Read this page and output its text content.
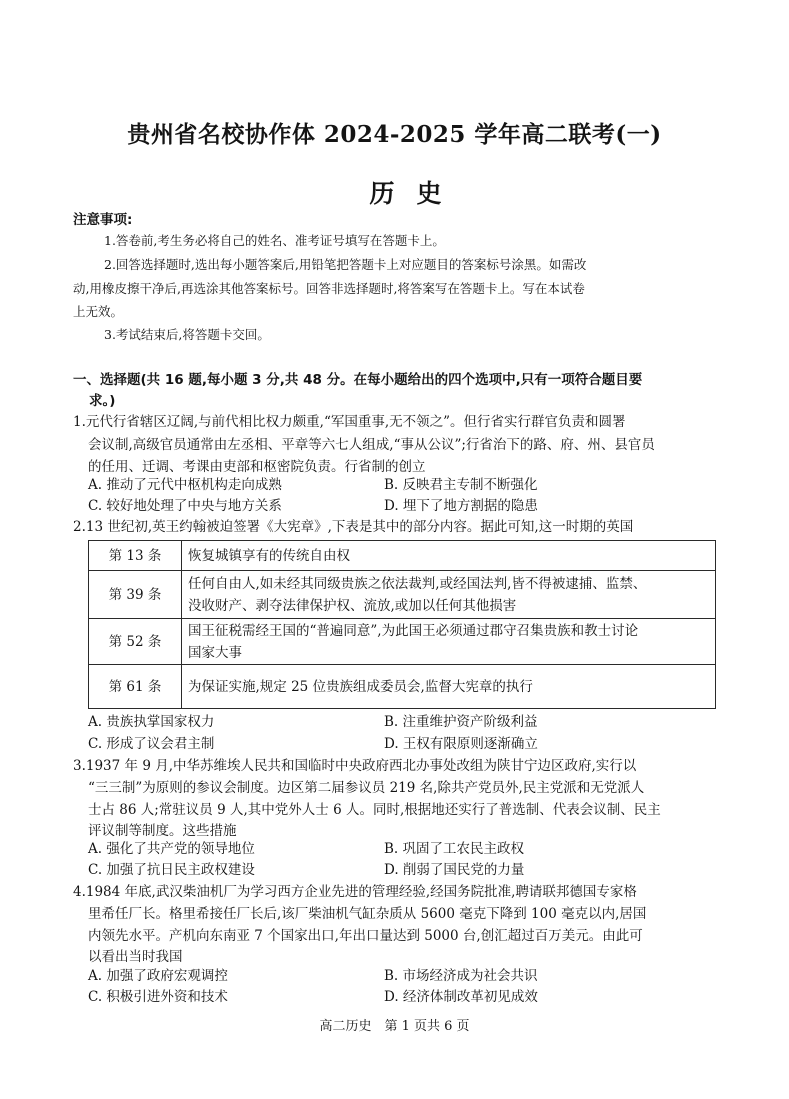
贵州省名校协作体 2024-2025 学年高二联考(一)
历史
注意事项:
1.答卷前,考生务必将自己的姓名、准考证号填写在答题卡上。
2.回答选择题时,选出每小题答案后,用铅笔把答题卡上对应题目的答案标号涂黑。如需改
动,用橡皮擦干净后,再选涂其他答案标号。回答非选择题时,将答案写在答题卡上。写在本试卷
上无效。
3.考试结束后,将答题卡交回。
一、选择题(共 16 题,每小题 3 分,共 48 分。在每小题给出的四个选项中,只有一项符合题目要
求。)
1.元代行省辖区辽阔,与前代相比权力颇重,“军国重事,无不领之”。但行省实行群官负责和圆署
会议制,高级官员通常由左丞相、平章等六七人组成,“事从公议”;行省治下的路、府、州、县官员
的任用、迁调、考课由吏部和枢密院负责。行省制的创立
A. 推动了元代中枢机构走向成熟	B. 反映君主专制不断强化
C. 较好地处理了中央与地方关系	D. 埋下了地方割据的隐患
2.13 世纪初,英王约翰被迫签署《大宪章》,下表是其中的部分内容。据此可知,这一时期的英国
第 13 条	恢复城镇享有的传统自由权

第 39 条	任何自由人,如未经其同级贵族之依法裁判,或经国法判,皆不得被逮捕、监禁、
没收财产、剥夺法律保护权、流放,或加以任何其他损害

第 52 条	国王征税需经王国的“普遍同意”,为此国王必须通过郡守召集贵族和教士讨论
国家大事

第 61 条	为保证实施,规定 25 位贵族组成委员会,监督大宪章的执行
A. 贵族执掌国家权力	B. 注重维护资产阶级利益
C. 形成了议会君主制	D. 王权有限原则逐渐确立
3.1937 年 9 月,中华苏维埃人民共和国临时中央政府西北办事处改组为陕甘宁边区政府,实行以
“三三制”为原则的参议会制度。边区第二届参议员 219 名,除共产党员外,民主党派和无党派人
士占 86 人;常驻议员 9 人,其中党外人士 6 人。同时,根据地还实行了普选制、代表会议制、民主
评议制等制度。这些措施
A. 强化了共产党的领导地位	B. 巩固了工农民主政权
C. 加强了抗日民主政权建设	D. 削弱了国民党的力量
4.1984 年底,武汉柴油机厂为学习西方企业先进的管理经验,经国务院批准,聘请联邦德国专家格
里希任厂长。格里希接任厂长后,该厂柴油机气缸杂质从 5600 毫克下降到 100 毫克以内,居国
内领先水平。产机向东南亚 7 个国家出口,年出口量达到 5000 台,创汇超过百万美元。由此可
以看出当时我国
A. 加强了政府宏观调控	B. 市场经济成为社会共识
C. 积极引进外资和技术	D. 经济体制改革初见成效
高二历史　第 1 页共 6 页
